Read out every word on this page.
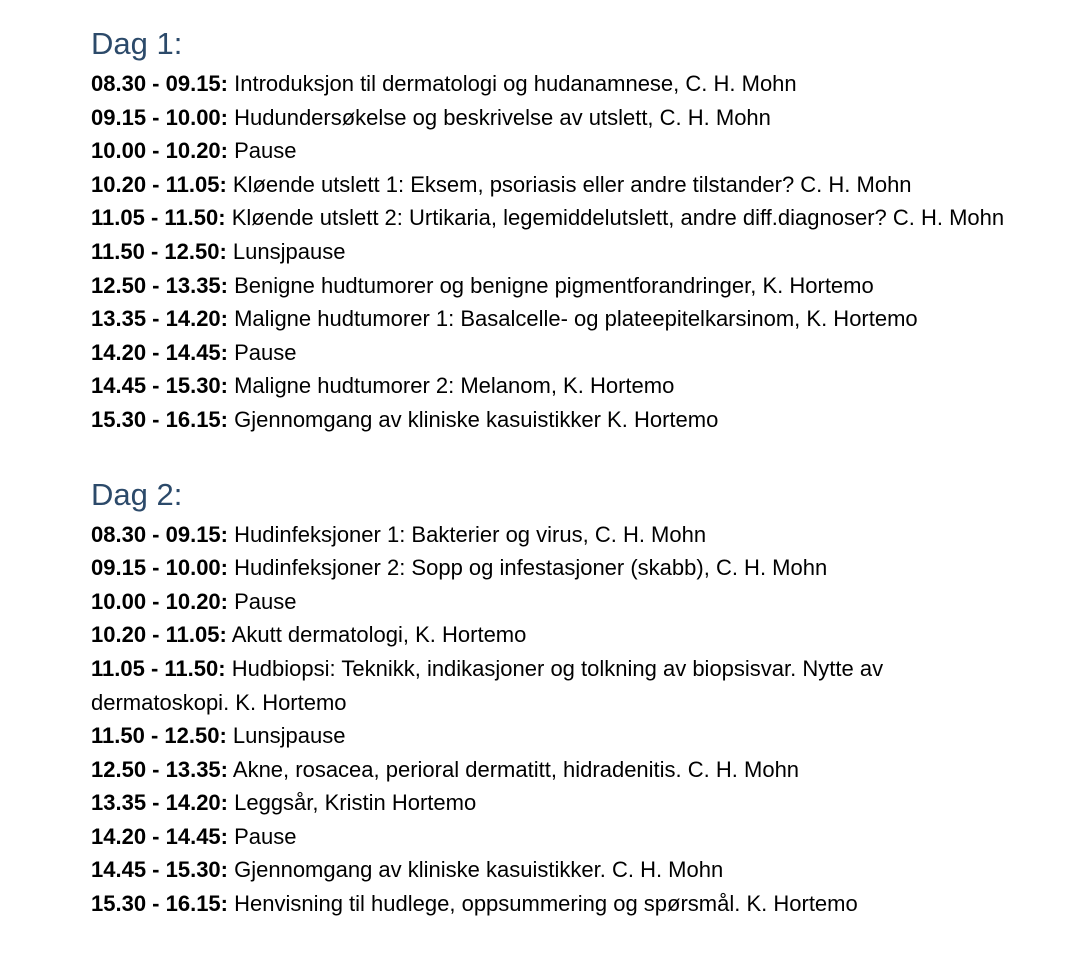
Dag 1:
08.30 - 09.15: Introduksjon til dermatologi og hudanamnese, C. H. Mohn
09.15 - 10.00: Hudundersøkelse og beskrivelse av utslett, C. H. Mohn
10.00 - 10.20: Pause
10.20 - 11.05: Kløende utslett 1: Eksem, psoriasis eller andre tilstander? C. H. Mohn
11.05 - 11.50: Kløende utslett 2: Urtikaria, legemiddelutslett, andre diff.diagnoser? C. H. Mohn
11.50 - 12.50: Lunsjpause
12.50 - 13.35: Benigne hudtumorer og benigne pigmentforandringer, K. Hortemo
13.35 - 14.20: Maligne hudtumorer 1: Basalcelle- og plateepitelkarsinom, K. Hortemo
14.20 - 14.45: Pause
14.45 - 15.30: Maligne hudtumorer 2: Melanom, K. Hortemo
15.30 - 16.15: Gjennomgang av kliniske kasuistikker K. Hortemo
Dag 2:
08.30 - 09.15: Hudinfeksjoner 1: Bakterier og virus, C. H. Mohn
09.15 - 10.00: Hudinfeksjoner 2: Sopp og infestasjoner (skabb), C. H. Mohn
10.00 - 10.20: Pause
10.20 - 11.05: Akutt dermatologi, K. Hortemo
11.05 - 11.50: Hudbiopsi: Teknikk, indikasjoner og tolkning av biopsisvar. Nytte av dermatoskopi. K. Hortemo
11.50 - 12.50: Lunsjpause
12.50 - 13.35: Akne, rosacea, perioral dermatitt, hidradenitis. C. H. Mohn
13.35 - 14.20: Leggsår, Kristin Hortemo
14.20 - 14.45: Pause
14.45 - 15.30: Gjennomgang av kliniske kasuistikker. C. H. Mohn
15.30 - 16.15: Henvisning til hudlege, oppsummering og spørsmål. K. Hortemo
